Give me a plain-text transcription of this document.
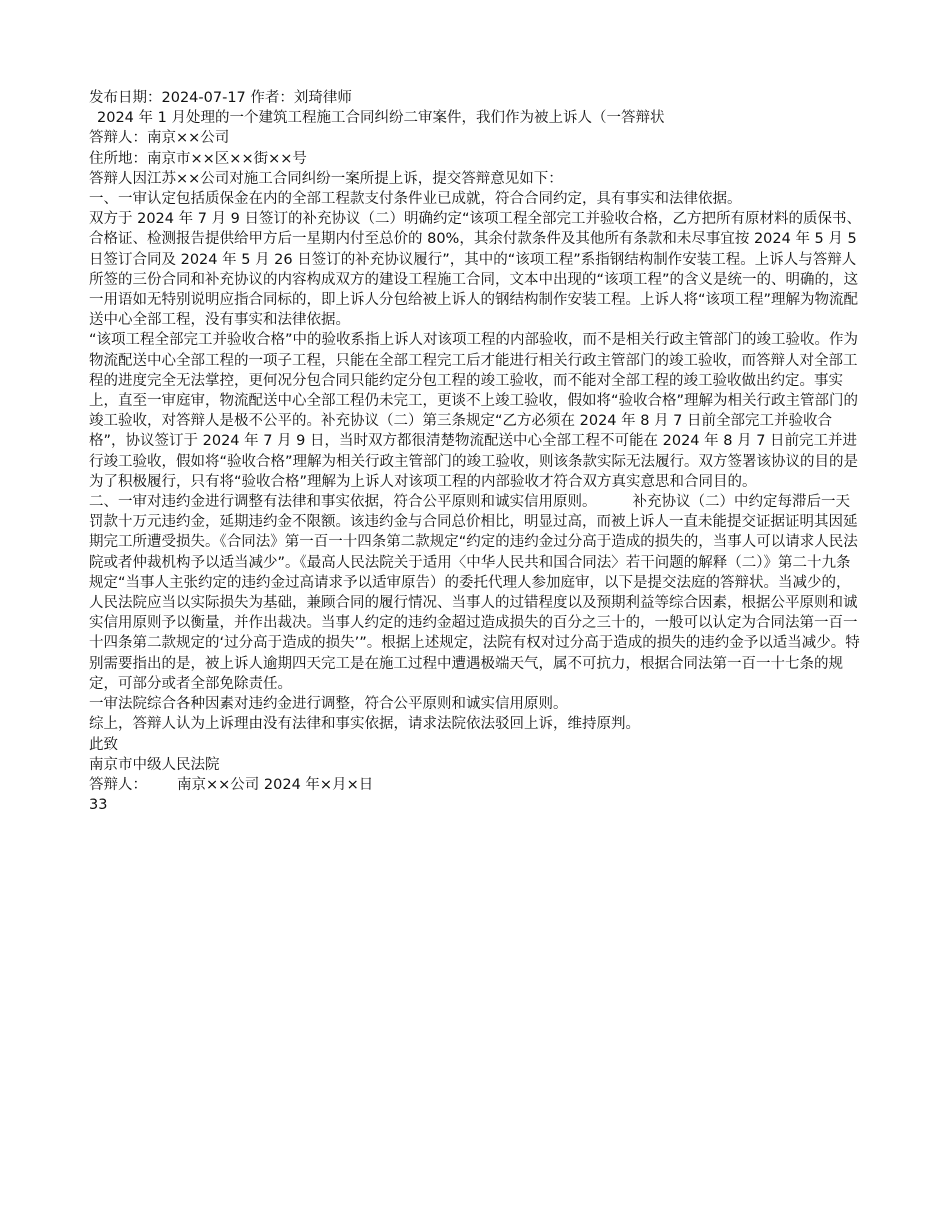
发布日期：2024-07-17 作者：刘琦律师

2024 年 1 月处理的一个建筑工程施工合同纠纷二审案件，我们作为被上诉人（一答辩状

答辩人：南京××公司

住所地：南京市××区××街××号

答辩人因江苏××公司对施工合同纠纷一案所提上诉，提交答辩意见如下：

一、一审认定包括质保金在内的全部工程款支付条件业已成就，符合合同约定，具有事实和法律依据。

双方于 2024 年 7 月 9 日签订的补充协议（二）明确约定“该项工程全部完工并验收合格，乙方把所有原材料的质保书、合格证、检测报告提供给甲方后一星期内付至总价的 80%，其余付款条件及其他所有条款和未尽事宜按 2024 年 5 月 5 日签订合同及 2024 年 5 月 26 日签订的补充协议履行”，其中的“该项工程”系指钢结构制作安装工程。上诉人与答辩人所签的三份合同和补充协议的内容构成双方的建设工程施工合同，文本中出现的“该项工程”的含义是统一的、明确的，这一用语如无特别说明应指合同标的，即上诉人分包给被上诉人的钢结构制作安装工程。上诉人将“该项工程”理解为物流配送中心全部工程，没有事实和法律依据。

“该项工程全部完工并验收合格”中的验收系指上诉人对该项工程的内部验收，而不是相关行政主管部门的竣工验收。作为物流配送中心全部工程的一项子工程，只能在全部工程完工后才能进行相关行政主管部门的竣工验收，而答辩人对全部工程的进度完全无法掌控，更何况分包合同只能约定分包工程的竣工验收，而不能对全部工程的竣工验收做出约定。事实上，直至一审庭审，物流配送中心全部工程仍未完工，更谈不上竣工验收，假如将“验收合格”理解为相关行政主管部门的竣工验收，对答辩人是极不公平的。补充协议（二）第三条规定“乙方必须在 2024 年 8 月 7 日前全部完工并验收合格”，协议签订于 2024 年 7 月 9 日，当时双方都很清楚物流配送中心全部工程不可能在 2024 年 8 月 7 日前完工并进行竣工验收，假如将“验收合格”理解为相关行政主管部门的竣工验收，则该条款实际无法履行。双方签署该协议的目的是为了积极履行，只有将“验收合格”理解为上诉人对该项工程的内部验收才符合双方真实意思和合同目的。

二、一审对违约金进行调整有法律和事实依据，符合公平原则和诚实信用原则。 补充协议（二）中约定每滞后一天罚款十万元违约金，延期违约金不限额。该违约金与合同总价相比，明显过高，而被上诉人一直未能提交证据证明其因延期完工所遭受损失。《合同法》第一百一十四条第二款规定“约定的违约金过分高于造成的损失的，当事人可以请求人民法院或者仲裁机构予以适当减少”。《最高人民法院关于适用〈中华人民共和国合同法〉若干问题的解释（二）》第二十九条规定“当事人主张约定的违约金过高请求予以适审原告）的委托代理人参加庭审，以下是提交法庭的答辩状。当减少的，人民法院应当以实际损失为基础，兼顾合同的履行情况、当事人的过错程度以及预期利益等综合因素，根据公平原则和诚实信用原则予以衡量，并作出裁决。当事人约定的违约金超过造成损失的百分之三十的，一般可以认定为合同法第一百一十四条第二款规定的‘过分高于造成的损失’”。根据上述规定，法院有权对过分高于造成的损失的违约金予以适当减少。特别需要指出的是，被上诉人逾期四天完工是在施工过程中遭遇极端天气，属不可抗力，根据合同法第一百一十七条的规定，可部分或者全部免除责任。

一审法院综合各种因素对违约金进行调整，符合公平原则和诚实信用原则。

综上，答辩人认为上诉理由没有法律和事实依据，请求法院依法驳回上诉，维持原判。

此致

南京市中级人民法院

答辩人： 南京××公司 2024 年×月×日

33
